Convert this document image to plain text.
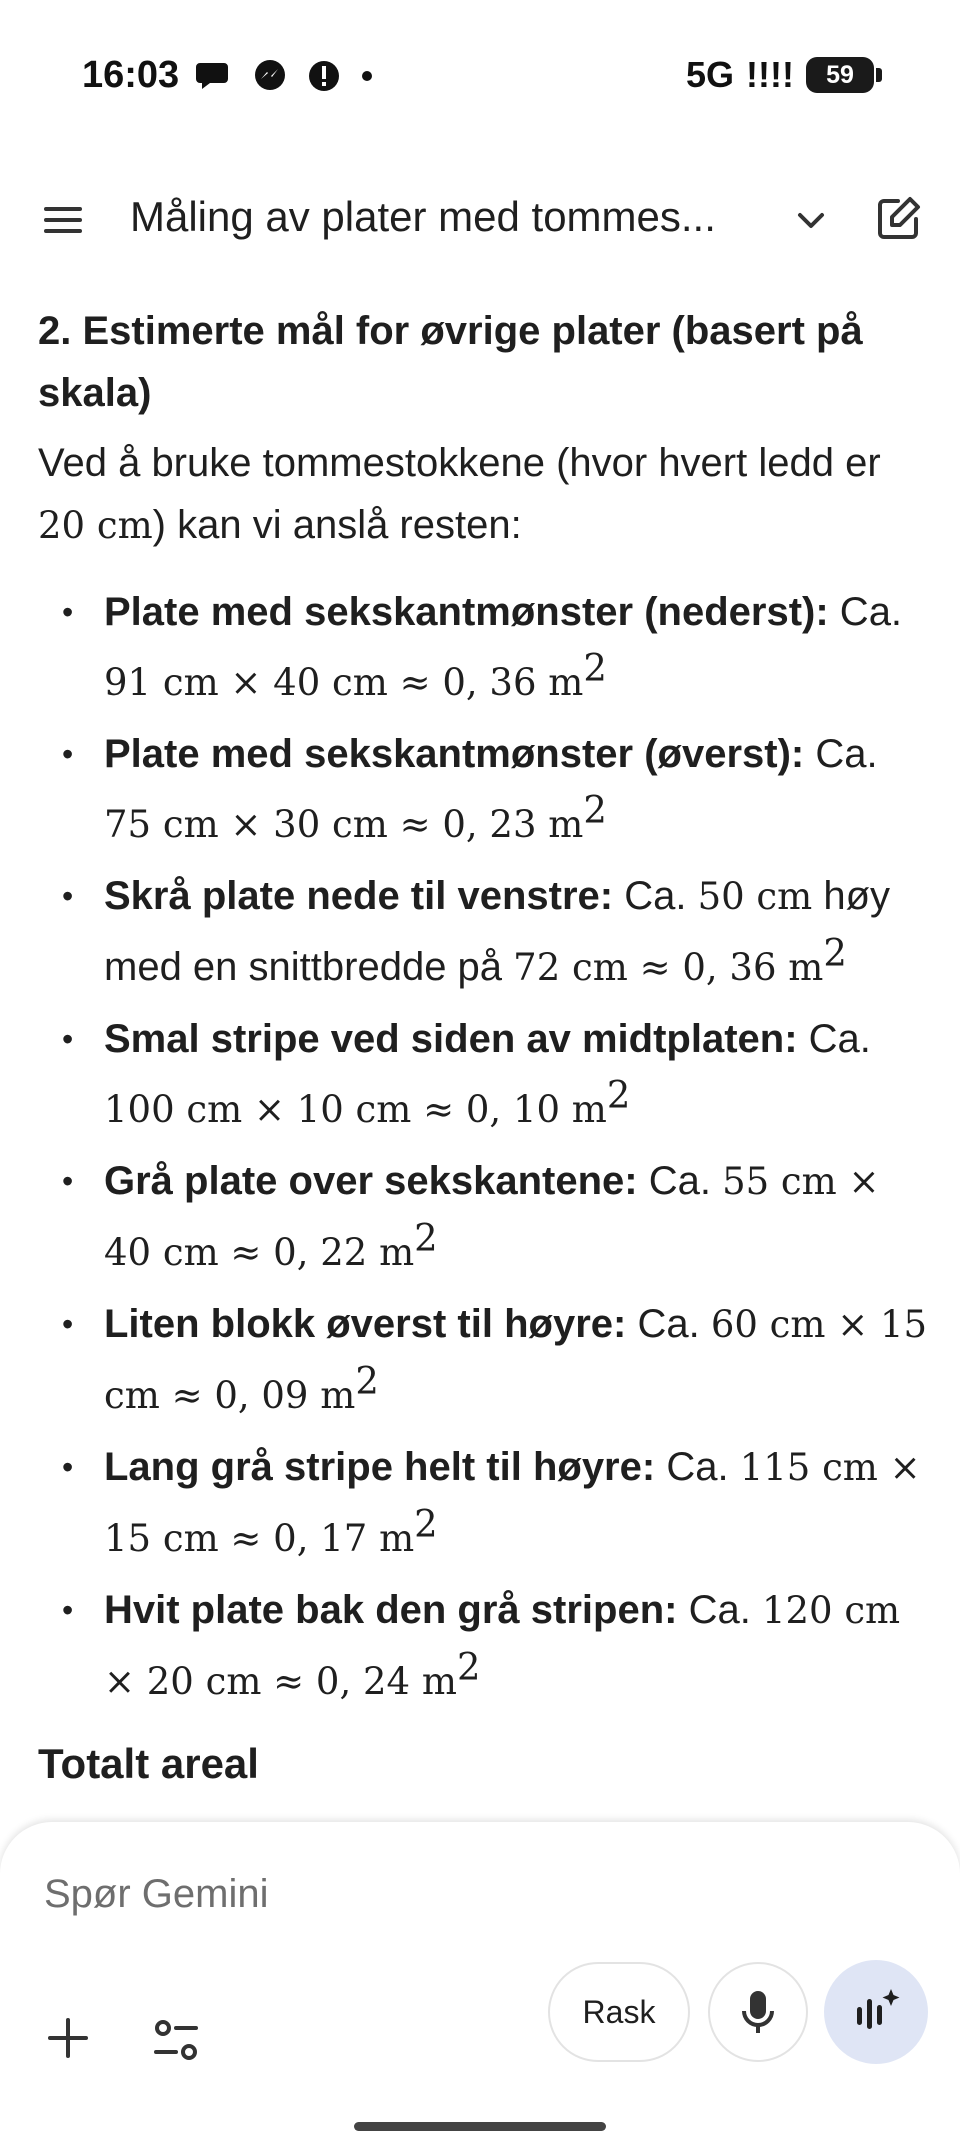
16:03	5G !!!! 59
Måling av plater med tommes...
2. Estimerte mål for øvrige plater (basert på skala)
Ved å bruke tommestokkene (hvor hvert ledd er 20 cm) kan vi anslå resten:
• Plate med sekskantmønster (nederst): Ca. 91 cm × 40 cm ≈ 0, 36 $m^2$
• Plate med sekskantmønster (øverst): Ca. 75 cm × 30 cm ≈ 0, 23 $m^2$
• Skrå plate nede til venstre: Ca. 50 cm høy med en snittbredde på 72 cm ≈ 0, 36 $m^2$
• Smal stripe ved siden av midtplaten: Ca. 100 cm × 10 cm ≈ 0, 10 $m^2$
• Grå plate over sekskantene: Ca. 55 cm × 40 cm ≈ 0, 22 $m^2$
• Liten blokk øverst til høyre: Ca. 60 cm × 15 cm ≈ 0, 09 $m^2$
• Lang grå stripe helt til høyre: Ca. 115 cm × 15 cm ≈ 0, 17 $m^2$
• Hvit plate bak den grå stripen: Ca. 120 cm × 20 cm ≈ 0, 24 $m^2$
Totalt areal
Spør Gemini
Rask
